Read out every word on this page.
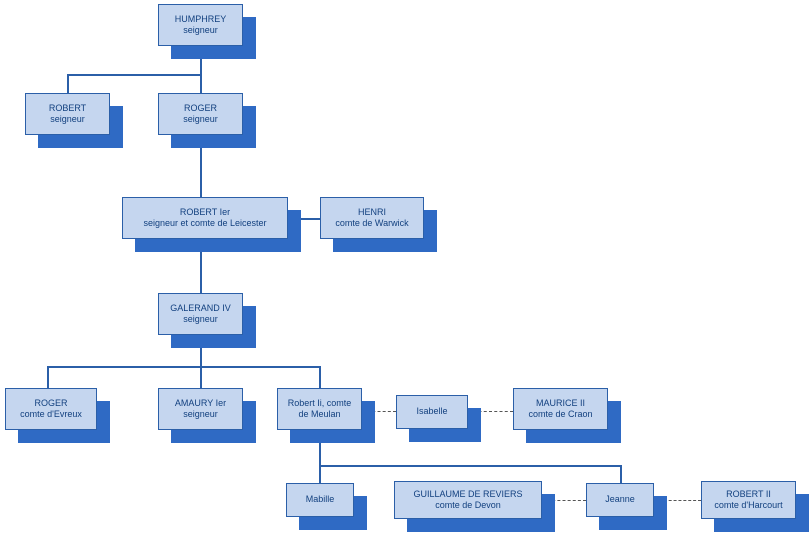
HUMPHREY
seigneur
ROBERT
seigneur
ROGER
seigneur
ROBERT Ier
seigneur et comte de Leicester
HENRI
comte de Warwick
GALERAND IV
seigneur
ROGER
comte d'Evreux
AMAURY Ier
seigneur
Robert Ii, comte
de Meulan	Isabelle
MAURICE II
comte de Craon
Mabille
GUILLAUME DE REVIERS
comte de Devon
Jeanne
ROBERT II
comte d'Harcourt
